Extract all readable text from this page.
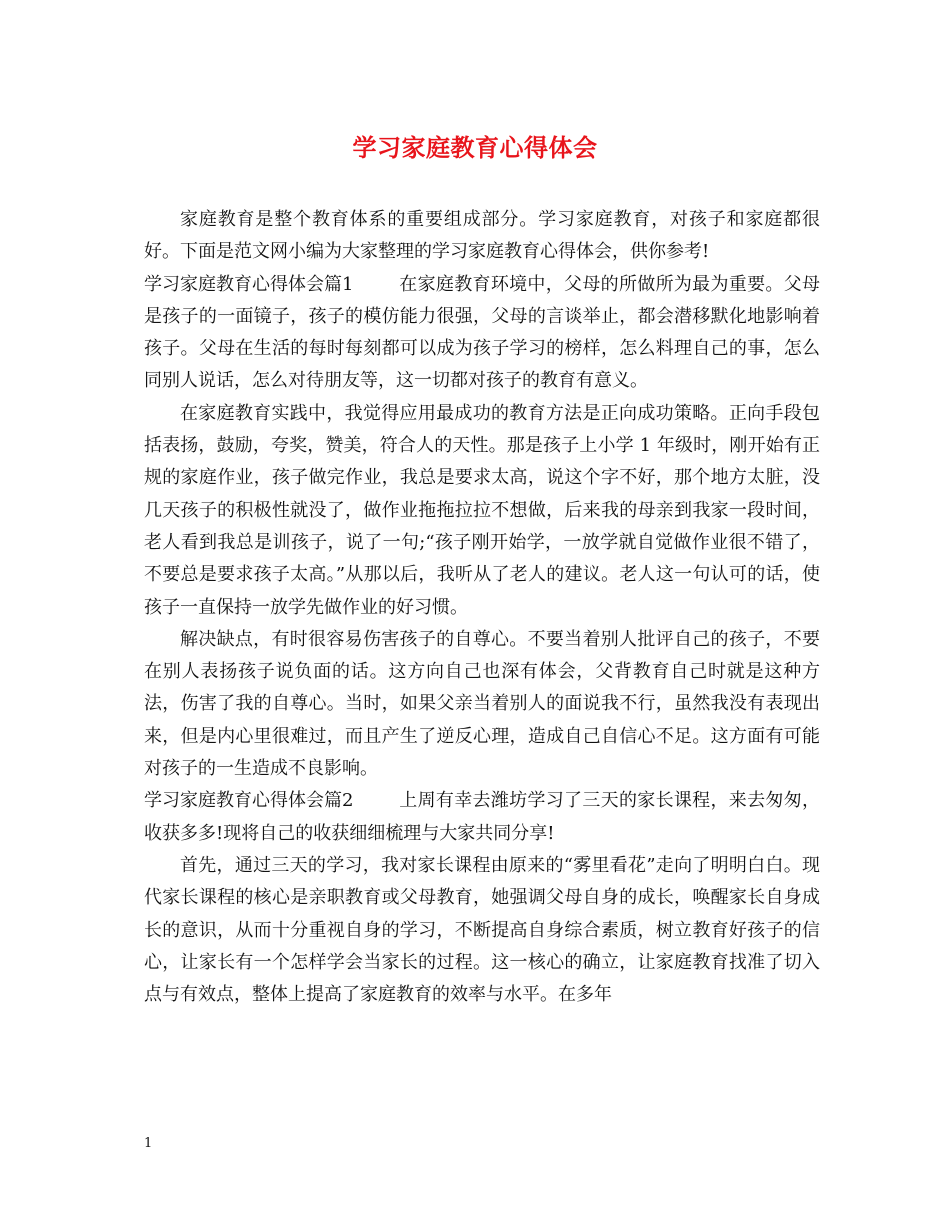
学习家庭教育心得体会

家庭教育是整个教育体系的重要组成部分。学习家庭教育，对孩子和家庭都很好。下面是范文网小编为大家整理的学习家庭教育心得体会，供你参考!

学习家庭教育心得体会篇1	在家庭教育环境中，父母的所做所为最为重要。父母是孩子的一面镜子，孩子的模仿能力很强，父母的言谈举止，都会潜移默化地影响着孩子。父母在生活的每时每刻都可以成为孩子学习的榜样，怎么料理自己的事，怎么同别人说话，怎么对待朋友等，这一切都对孩子的教育有意义。

在家庭教育实践中，我觉得应用最成功的教育方法是正向成功策略。正向手段包括表扬，鼓励，夸奖，赞美，符合人的天性。那是孩子上小学 1 年级时，刚开始有正规的家庭作业，孩子做完作业，我总是要求太高，说这个字不好，那个地方太脏，没几天孩子的积极性就没了，做作业拖拖拉拉不想做，后来我的母亲到我家一段时间，老人看到我总是训孩子，说了一句;“孩子刚开始学，一放学就自觉做作业很不错了，不要总是要求孩子太高。”从那以后，我听从了老人的建议。老人这一句认可的话，使孩子一直保持一放学先做作业的好习惯。

解决缺点，有时很容易伤害孩子的自尊心。不要当着别人批评自己的孩子，不要在别人表扬孩子说负面的话。这方向自己也深有体会，父背教育自己时就是这种方法，伤害了我的自尊心。当时，如果父亲当着别人的面说我不行，虽然我没有表现出来，但是内心里很难过，而且产生了逆反心理，造成自己自信心不足。这方面有可能对孩子的一生造成不良影响。

学习家庭教育心得体会篇2	上周有幸去潍坊学习了三天的家长课程，来去匆匆，收获多多!现将自己的收获细细梳理与大家共同分享!

首先，通过三天的学习，我对家长课程由原来的“雾里看花”走向了明明白白。现代家长课程的核心是亲职教育或父母教育，她强调父母自身的成长，唤醒家长自身成长的意识，从而十分重视自身的学习，不断提高自身综合素质，树立教育好孩子的信心，让家长有一个怎样学会当家长的过程。这一核心的确立，让家庭教育找准了切入点与有效点，整体上提高了家庭教育的效率与水平。在多年

1
